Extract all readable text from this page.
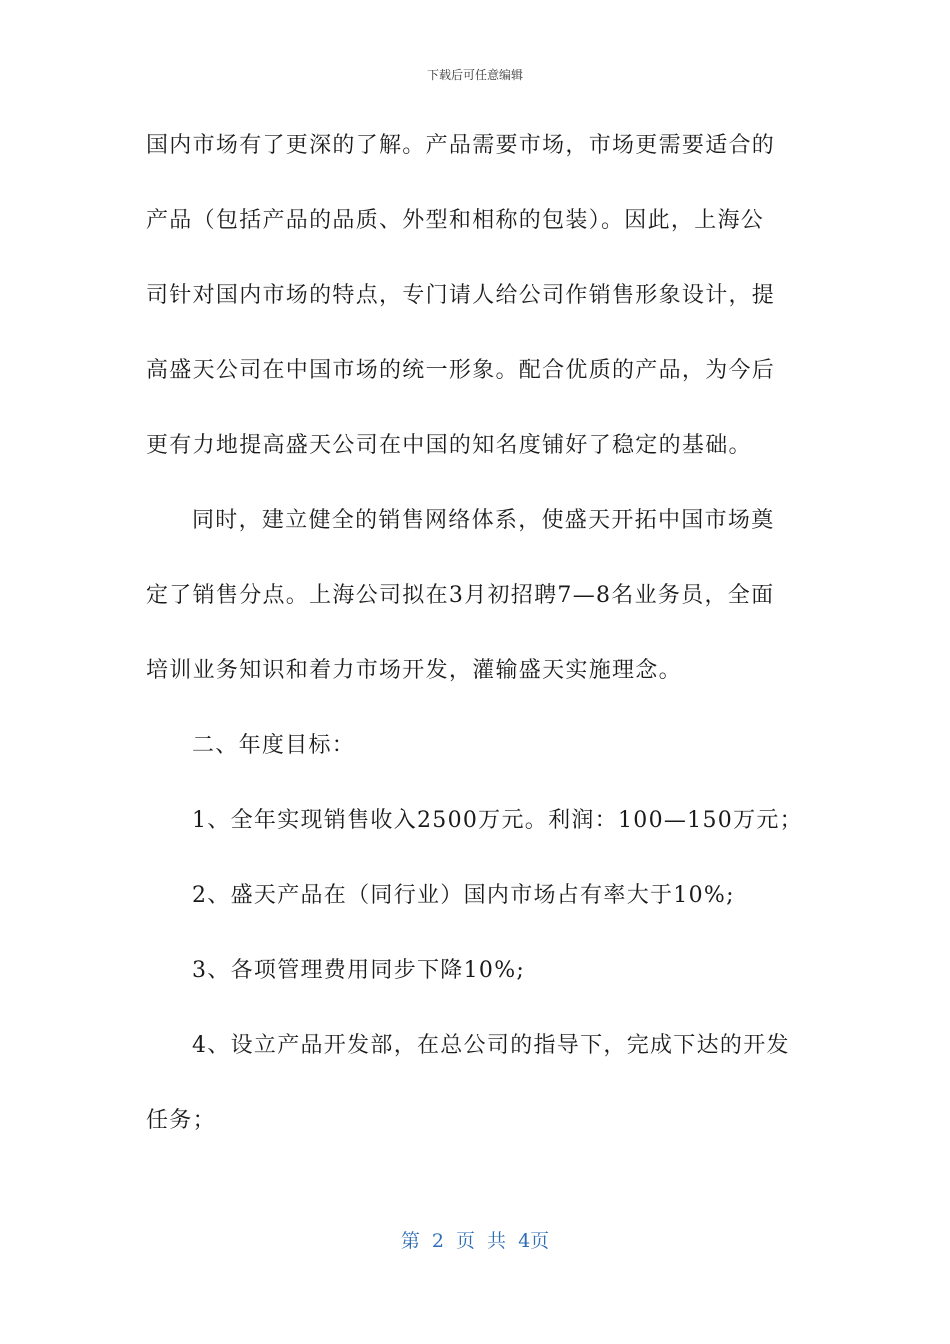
下载后可任意编辑
国内市场有了更深的了解。产品需要市场，市场更需要适合的
产品（包括产品的品质、外型和相称的包装）。因此，上海公
司针对国内市场的特点，专门请人给公司作销售形象设计，提
高盛天公司在中国市场的统一形象。配合优质的产品，为今后
更有力地提高盛天公司在中国的知名度铺好了稳定的基础。
同时，建立健全的销售网络体系，使盛天开拓中国市场奠
定了销售分点。上海公司拟在3月初招聘7—8名业务员，全面
培训业务知识和着力市场开发，灌输盛天实施理念。
二、年度目标：
1、全年实现销售收入2500万元。利润：100—150万元；
2、盛天产品在（同行业）国内市场占有率大于10%;
3、各项管理费用同步下降10%;
4、设立产品开发部，在总公司的指导下，完成下达的开发
任务；
第 2 页 共 4页
